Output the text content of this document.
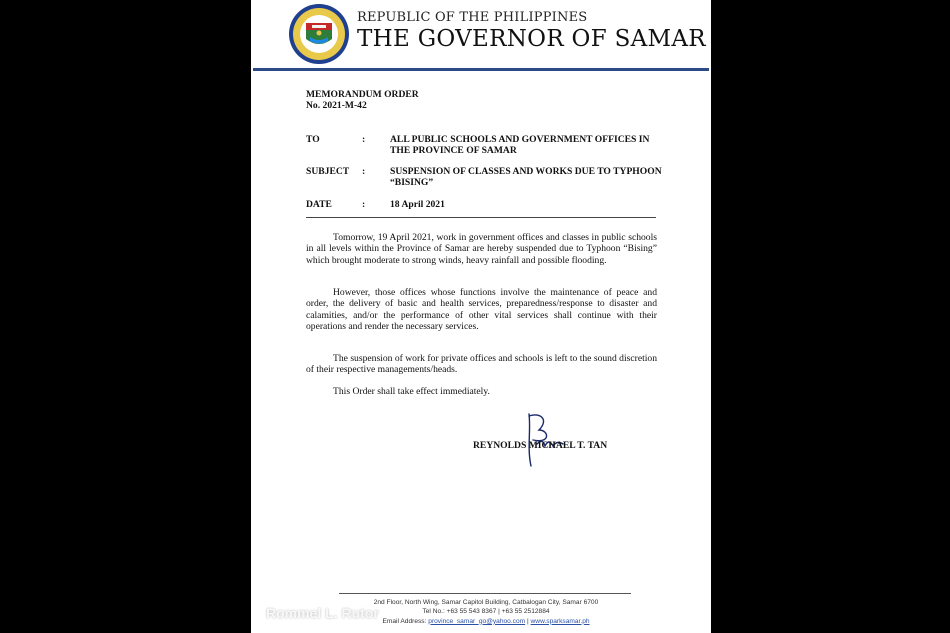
REPUBLIC OF THE PHILIPPINES
THE GOVERNOR OF SAMAR
MEMORANDUM ORDER
No. 2021-M-42
TO	:	ALL PUBLIC SCHOOLS AND GOVERNMENT OFFICES IN THE PROVINCE OF SAMAR
SUBJECT	:	SUSPENSION OF CLASSES AND WORKS DUE TO TYPHOON “BISING”
DATE	:	18 April 2021
Tomorrow, 19 April 2021, work in government offices and classes in public schools in all levels within the Province of Samar are hereby suspended due to Typhoon “Bising” which brought moderate to strong winds, heavy rainfall and possible flooding.
However, those offices whose functions involve the maintenance of peace and order, the delivery of basic and health services, preparedness/response to disaster and calamities, and/or the performance of other vital services shall continue with their operations and render the necessary services.
The suspension of work for private offices and schools is left to the sound discretion of their respective managements/heads.
This Order shall take effect immediately.
REYNOLDS MICHAEL T. TAN
2nd Floor, North Wing, Samar Capitol Building, Catbalogan City, Samar 6700
Tel No.: +63 55 543 8367 | +63 55 2512884
Email Address: province_samar_go@yahoo.com | www.sparksamar.ph
Rommel L. Rutor
